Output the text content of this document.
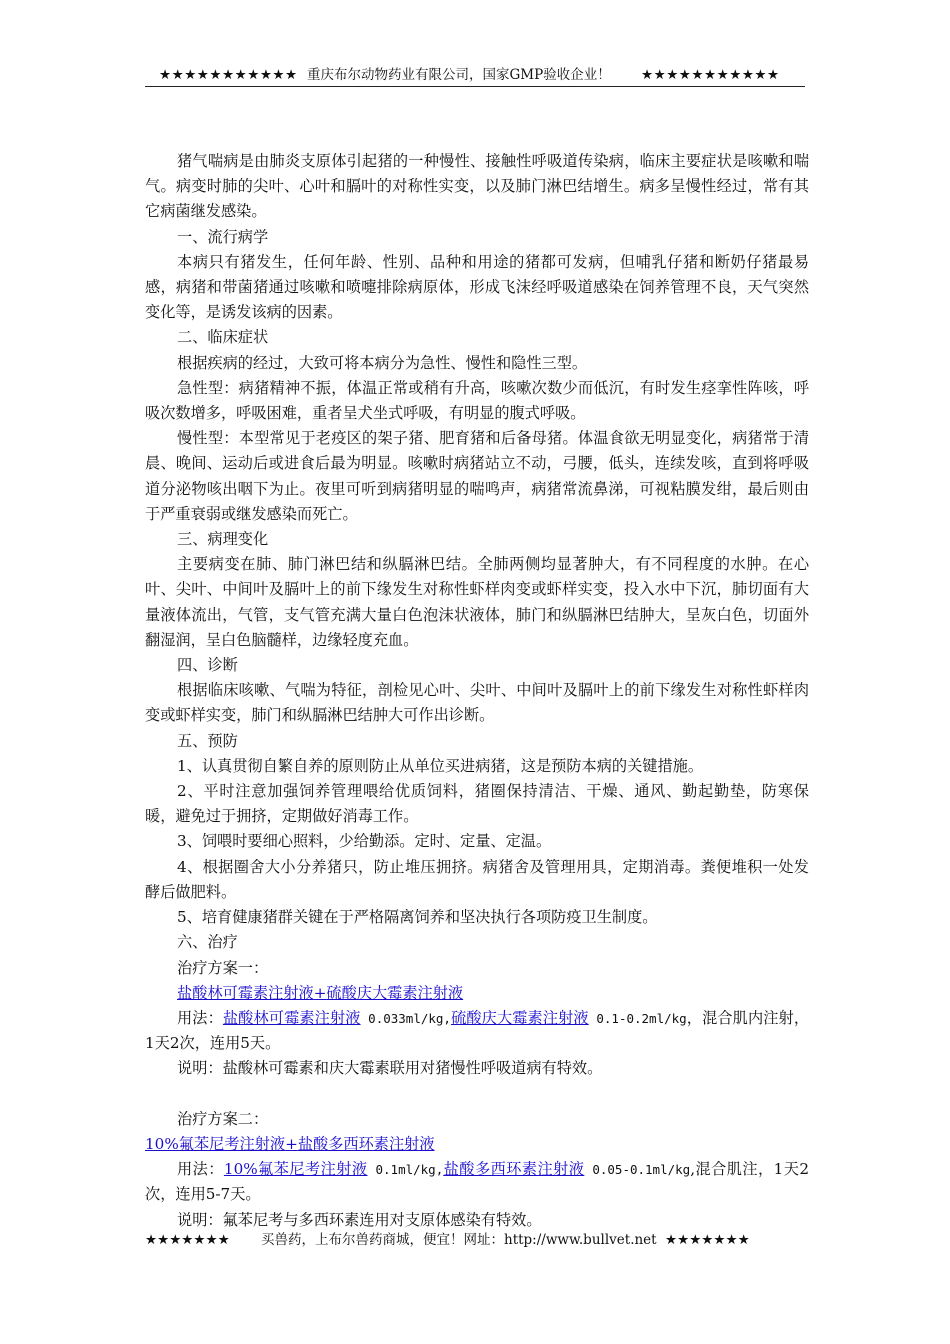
★★★★★★★★★★★ 重庆布尔动物药业有限公司，国家GMP验收企业！ ★★★★★★★★★★★

猪气喘病是由肺炎支原体引起猪的一种慢性、接触性呼吸道传染病，临床主要症状是咳嗽和喘气。病变时肺的尖叶、心叶和膈叶的对称性实变，以及肺门淋巴结增生。病多呈慢性经过，常有其它病菌继发感染。

一、流行病学

本病只有猪发生，任何年龄、性别、品种和用途的猪都可发病，但哺乳仔猪和断奶仔猪最易感，病猪和带菌猪通过咳嗽和喷嚏排除病原体，形成飞沫经呼吸道感染在饲养管理不良，天气突然变化等，是诱发该病的因素。

二、临床症状

根据疾病的经过，大致可将本病分为急性、慢性和隐性三型。

急性型：病猪精神不振，体温正常或稍有升高，咳嗽次数少而低沉，有时发生痉挛性阵咳，呼吸次数增多，呼吸困难，重者呈犬坐式呼吸，有明显的腹式呼吸。

慢性型：本型常见于老疫区的架子猪、肥育猪和后备母猪。体温食欲无明显变化，病猪常于清晨、晚间、运动后或进食后最为明显。咳嗽时病猪站立不动，弓腰，低头，连续发咳，直到将呼吸道分泌物咳出咽下为止。夜里可听到病猪明显的喘鸣声，病猪常流鼻涕，可视粘膜发绀，最后则由于严重衰弱或继发感染而死亡。

三、病理变化

主要病变在肺、肺门淋巴结和纵膈淋巴结。全肺两侧均显著肿大，有不同程度的水肿。在心叶、尖叶、中间叶及膈叶上的前下缘发生对称性虾样肉变或虾样实变，投入水中下沉，肺切面有大量液体流出，气管，支气管充满大量白色泡沫状液体，肺门和纵膈淋巴结肿大，呈灰白色，切面外翻湿润，呈白色脑髓样，边缘轻度充血。

四、诊断

根据临床咳嗽、气喘为特征，剖检见心叶、尖叶、中间叶及膈叶上的前下缘发生对称性虾样肉变或虾样实变，肺门和纵膈淋巴结肿大可作出诊断。

五、预防

1、认真贯彻自繁自养的原则防止从单位买进病猪，这是预防本病的关键措施。

2、平时注意加强饲养管理喂给优质饲料，猪圈保持清洁、干燥、通风、勤起勤垫，防寒保暖，避免过于拥挤，定期做好消毒工作。

3、饲喂时要细心照料，少给勤添。定时、定量、定温。

4、根据圈舍大小分养猪只，防止堆压拥挤。病猪舍及管理用具，定期消毒。粪便堆积一处发酵后做肥料。

5、培育健康猪群关键在于严格隔离饲养和坚决执行各项防疫卫生制度。

六、治疗

治疗方案一：

盐酸林可霉素注射液+硫酸庆大霉素注射液

用法：盐酸林可霉素注射液 0.033ml/kg,硫酸庆大霉素注射液 0.1-0.2ml/kg，混合肌内注射，1天2次，连用5天。

说明：盐酸林可霉素和庆大霉素联用对猪慢性呼吸道病有特效。

治疗方案二：

10%氟苯尼考注射液+盐酸多西环素注射液

用法：10%氟苯尼考注射液 0.1ml/kg,盐酸多西环素注射液 0.05-0.1ml/kg,混合肌注，1天2次，连用5-7天。

说明：氟苯尼考与多西环素连用对支原体感染有特效。

★★★★★★★ 买兽药，上布尔兽药商城，便宜！网址：http://www.bullvet.net ★★★★★★★
